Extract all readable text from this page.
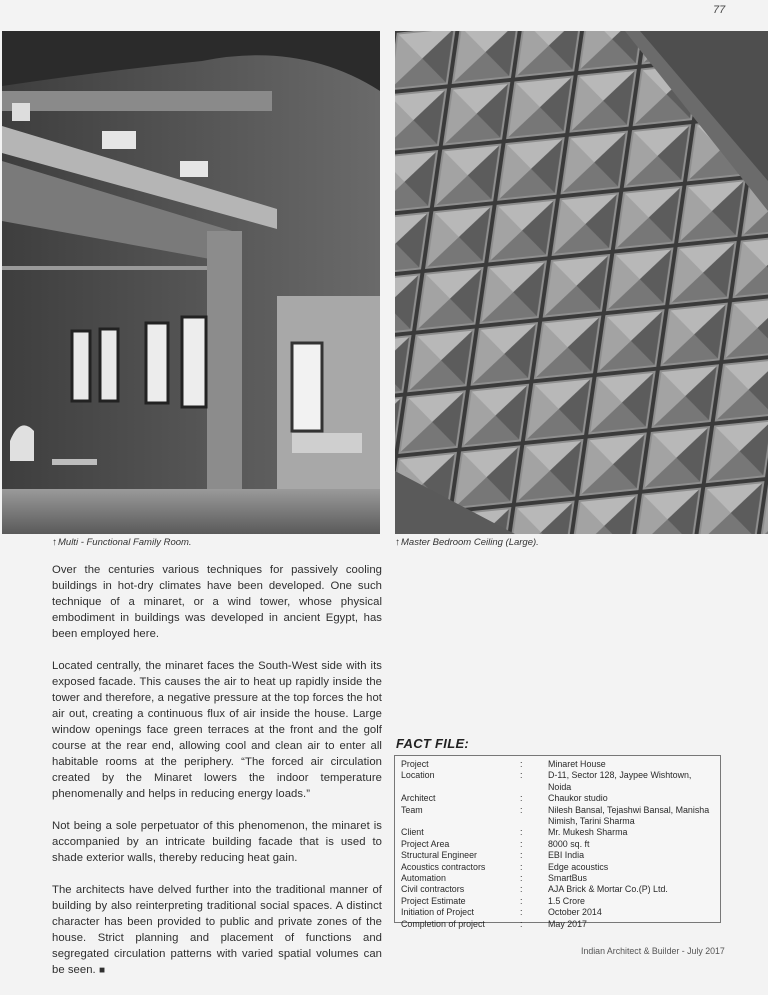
77
↑Multi - Functional Family Room.	↑Master Bedroom Ceiling (Large).

Over the centuries various techniques for passively cooling buildings in hot-dry climates have been developed. One such technique of a minaret, or a wind tower, whose physical embodiment in buildings was developed in ancient Egypt, has been employed here.

Located centrally, the minaret faces the South-West side with its exposed facade. This causes the air to heat up rapidly inside the tower and therefore, a negative pressure at the top forces the hot air out, creating a continuous flux of air inside the house. Large window openings face green terraces at the front and the golf course at the rear end, allowing cool and clean air to enter all habitable rooms at the periphery. “The forced air circulation created by the Minaret lowers the indoor temperature phenomenally and helps in reducing energy loads.”

Not being a sole perpetuator of this phenomenon, the minaret is accompanied by an intricate building facade that is used to shade exterior walls, thereby reducing heat gain.

The architects have delved further into the traditional manner of building by also reinterpreting traditional social spaces. A distinct character has been provided to public and private zones of the house. Strict planning and placement of functions and segregated circulation patterns with varied spatial volumes can be seen. ■

FACT FILE:
Project	:	Minaret House
Location	:	D-11, Sector 128, Jaypee Wishtown, Noida
Architect	:	Chaukor studio
Team	:	Nilesh Bansal, Tejashwi Bansal, Manisha
Nimish, Tarini Sharma
Client	:	Mr. Mukesh Sharma
Project Area	:	8000 sq. ft
Structural Engineer	:	EBI India
Acoustics contractors	:	Edge acoustics
Automation	:	SmartBus
Civil contractors	:	AJA Brick & Mortar Co.(P) Ltd.
Project Estimate	:	1.5 Crore
Initiation of Project	:	October 2014
Completion of project	:	May 2017
Indian Architect & Builder - July 2017
